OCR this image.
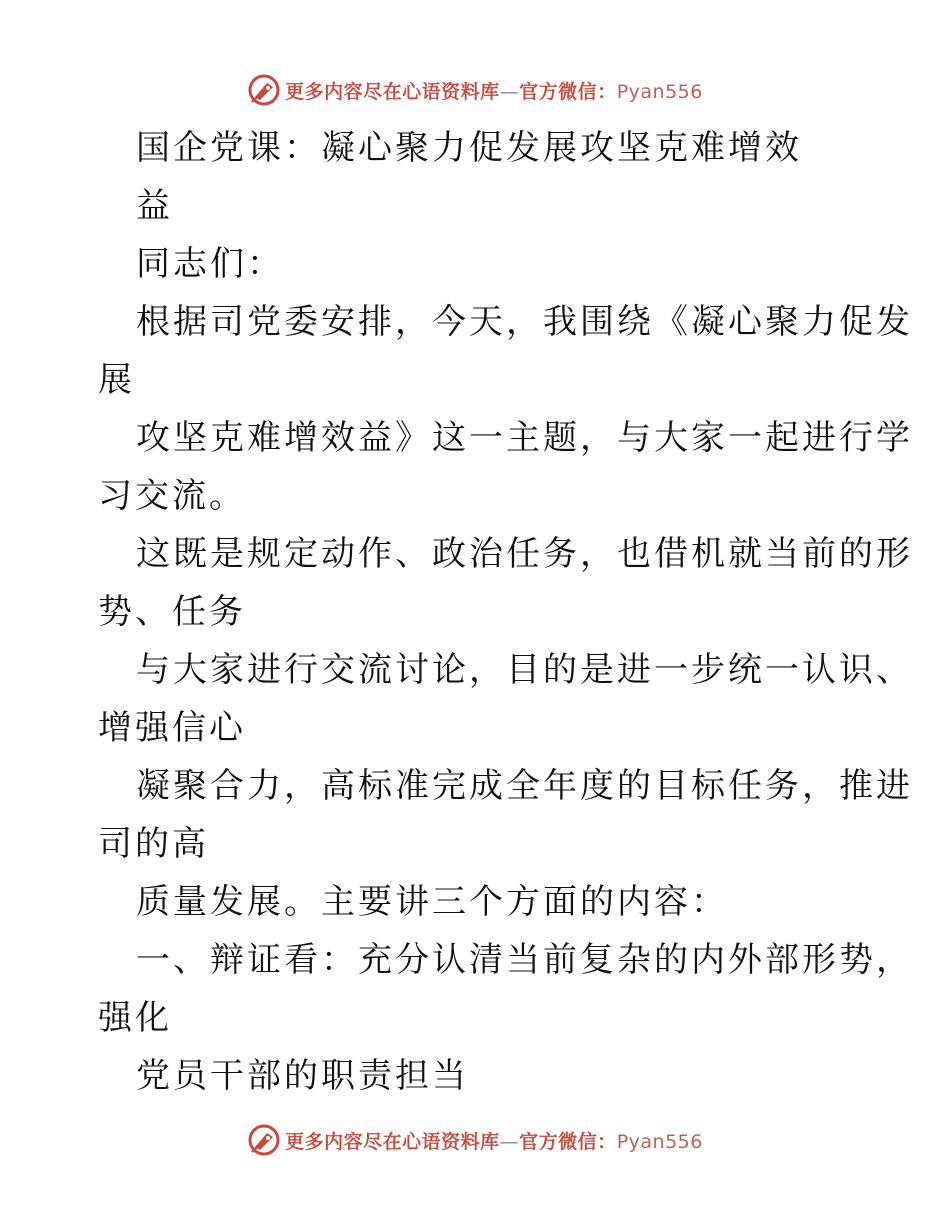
更多内容尽在心语资料库—官方微信：Pyan556
国企党课：凝心聚力促发展攻坚克难增效
益
同志们：
根据司党委安排，今天，我围绕《凝心聚力促发
展
攻坚克难增效益》这一主题，与大家一起进行学
习交流。
这既是规定动作、政治任务，也借机就当前的形
势、任务
与大家进行交流讨论，目的是进一步统一认识、
增强信心
凝聚合力，高标准完成全年度的目标任务，推进
司的高
质量发展。主要讲三个方面的内容：
一、辩证看：充分认清当前复杂的内外部形势，
强化
党员干部的职责担当
更多内容尽在心语资料库—官方微信：Pyan556
